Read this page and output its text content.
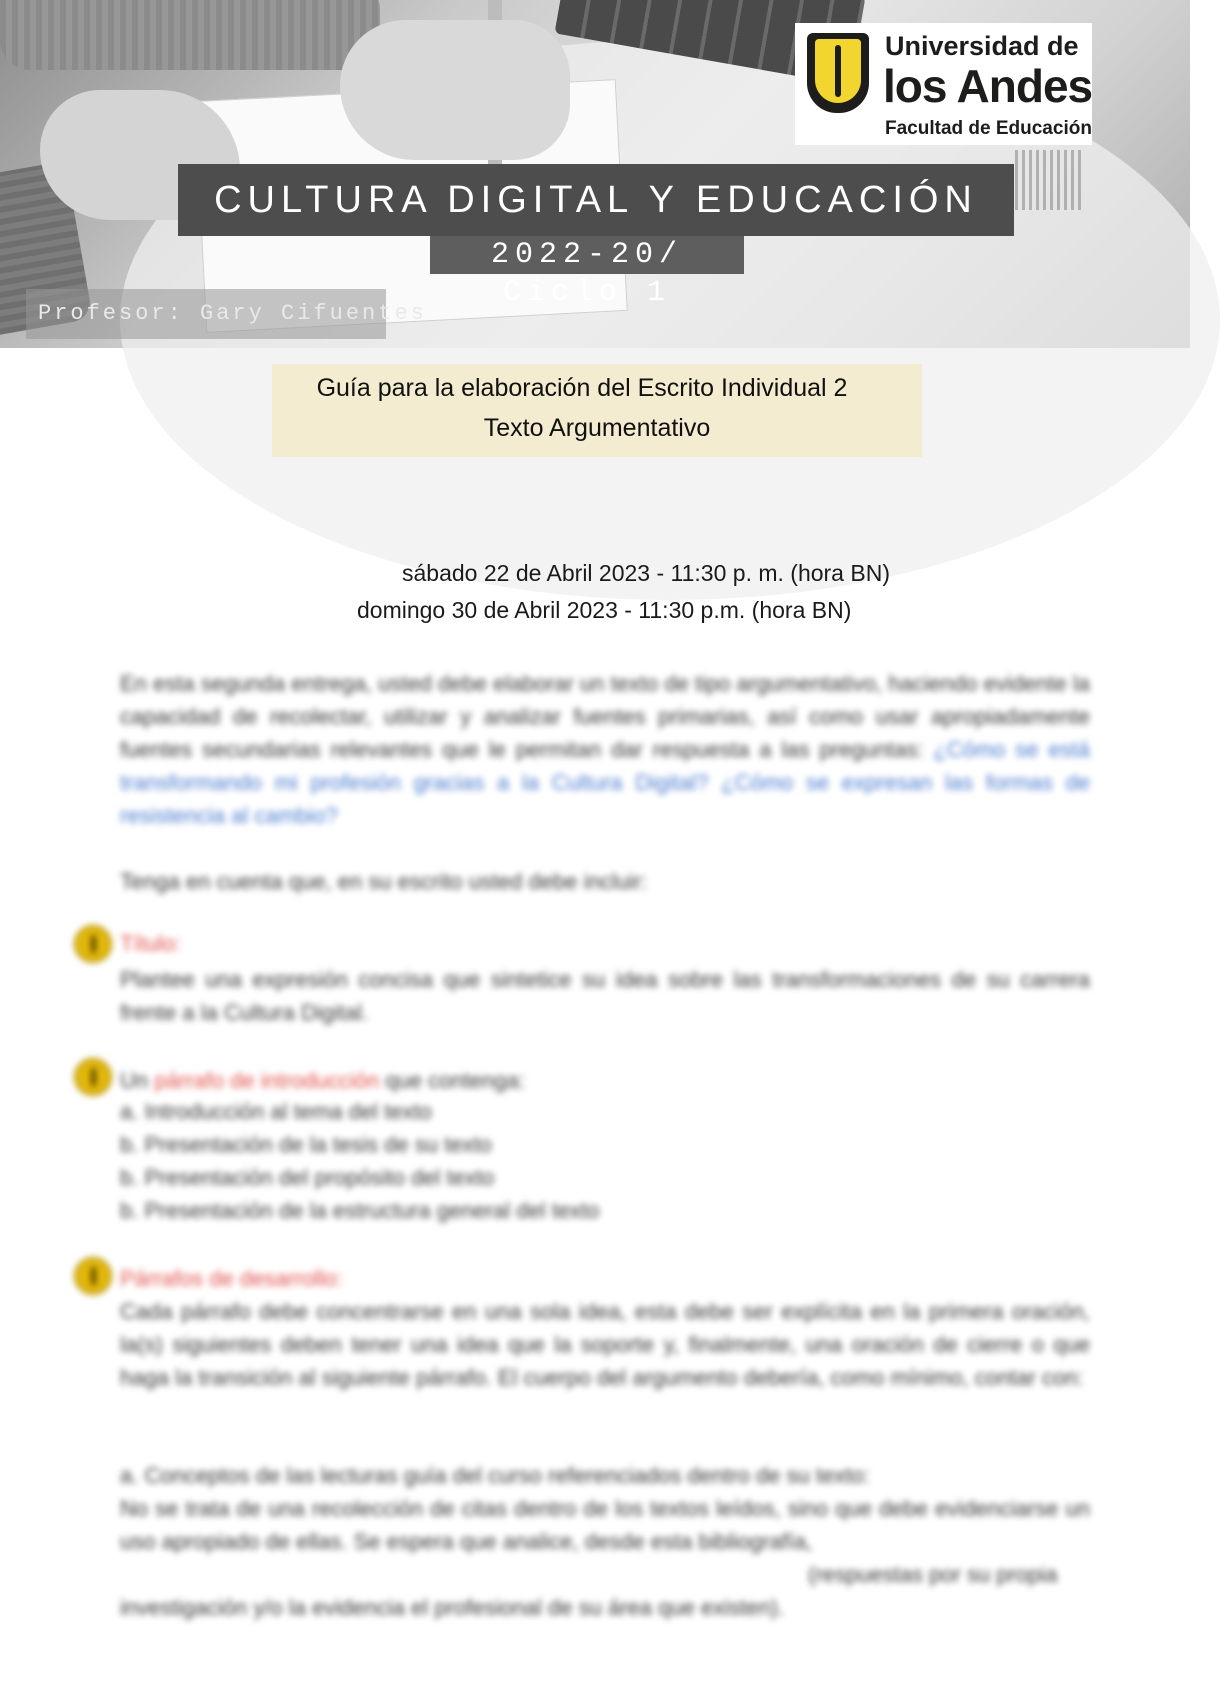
Universidad de
los Andes
Facultad de Educación
CULTURA DIGITAL Y EDUCACIÓN
2022-20/ Ciclo 1
Profesor: Gary Cifuentes
Guía para la elaboración del Escrito Individual 2
Texto Argumentativo
sábado 22 de Abril 2023 - 11:30 p. m. (hora BN)
domingo 30 de Abril 2023 - 11:30 p.m. (hora BN)
En esta segunda entrega, usted debe elaborar un texto de tipo argumentativo, haciendo evidente la capacidad de recolectar, utilizar y analizar fuentes primarias, así como usar apropiadamente fuentes secundarias relevantes que le permitan dar respuesta a las preguntas: ¿Cómo se está transformando mi profesión gracias a la Cultura Digital? ¿Cómo se expresan las formas de resistencia al cambio?
Tenga en cuenta que, en su escrito usted debe incluir:
Título:
Plantee una expresión concisa que sintetice su idea sobre las transformaciones de su carrera frente a la Cultura Digital.
Un párrafo de introducción que contenga:
a. Introducción al tema del texto
b. Presentación de la tesis de su texto
b. Presentación del propósito del texto
b. Presentación de la estructura general del texto
Párrafos de desarrollo:
Cada párrafo debe concentrarse en una sola idea, esta debe ser explícita en la primera oración, la(s) siguientes deben tener una idea que la soporte y, finalmente, una oración de cierre o que haga la transición al siguiente párrafo. El cuerpo del argumento debería, como mínimo, contar con:
a. Conceptos de las lecturas guía del curso referenciados dentro de su texto:
No se trata de una recolección de citas dentro de los textos leídos, sino que debe evidenciarse un uso apropiado de ellas. Se espera que analice, desde esta bibliografía,
(respuestas por su propia
investigación y/o la evidencia el profesional de su área que existen).
